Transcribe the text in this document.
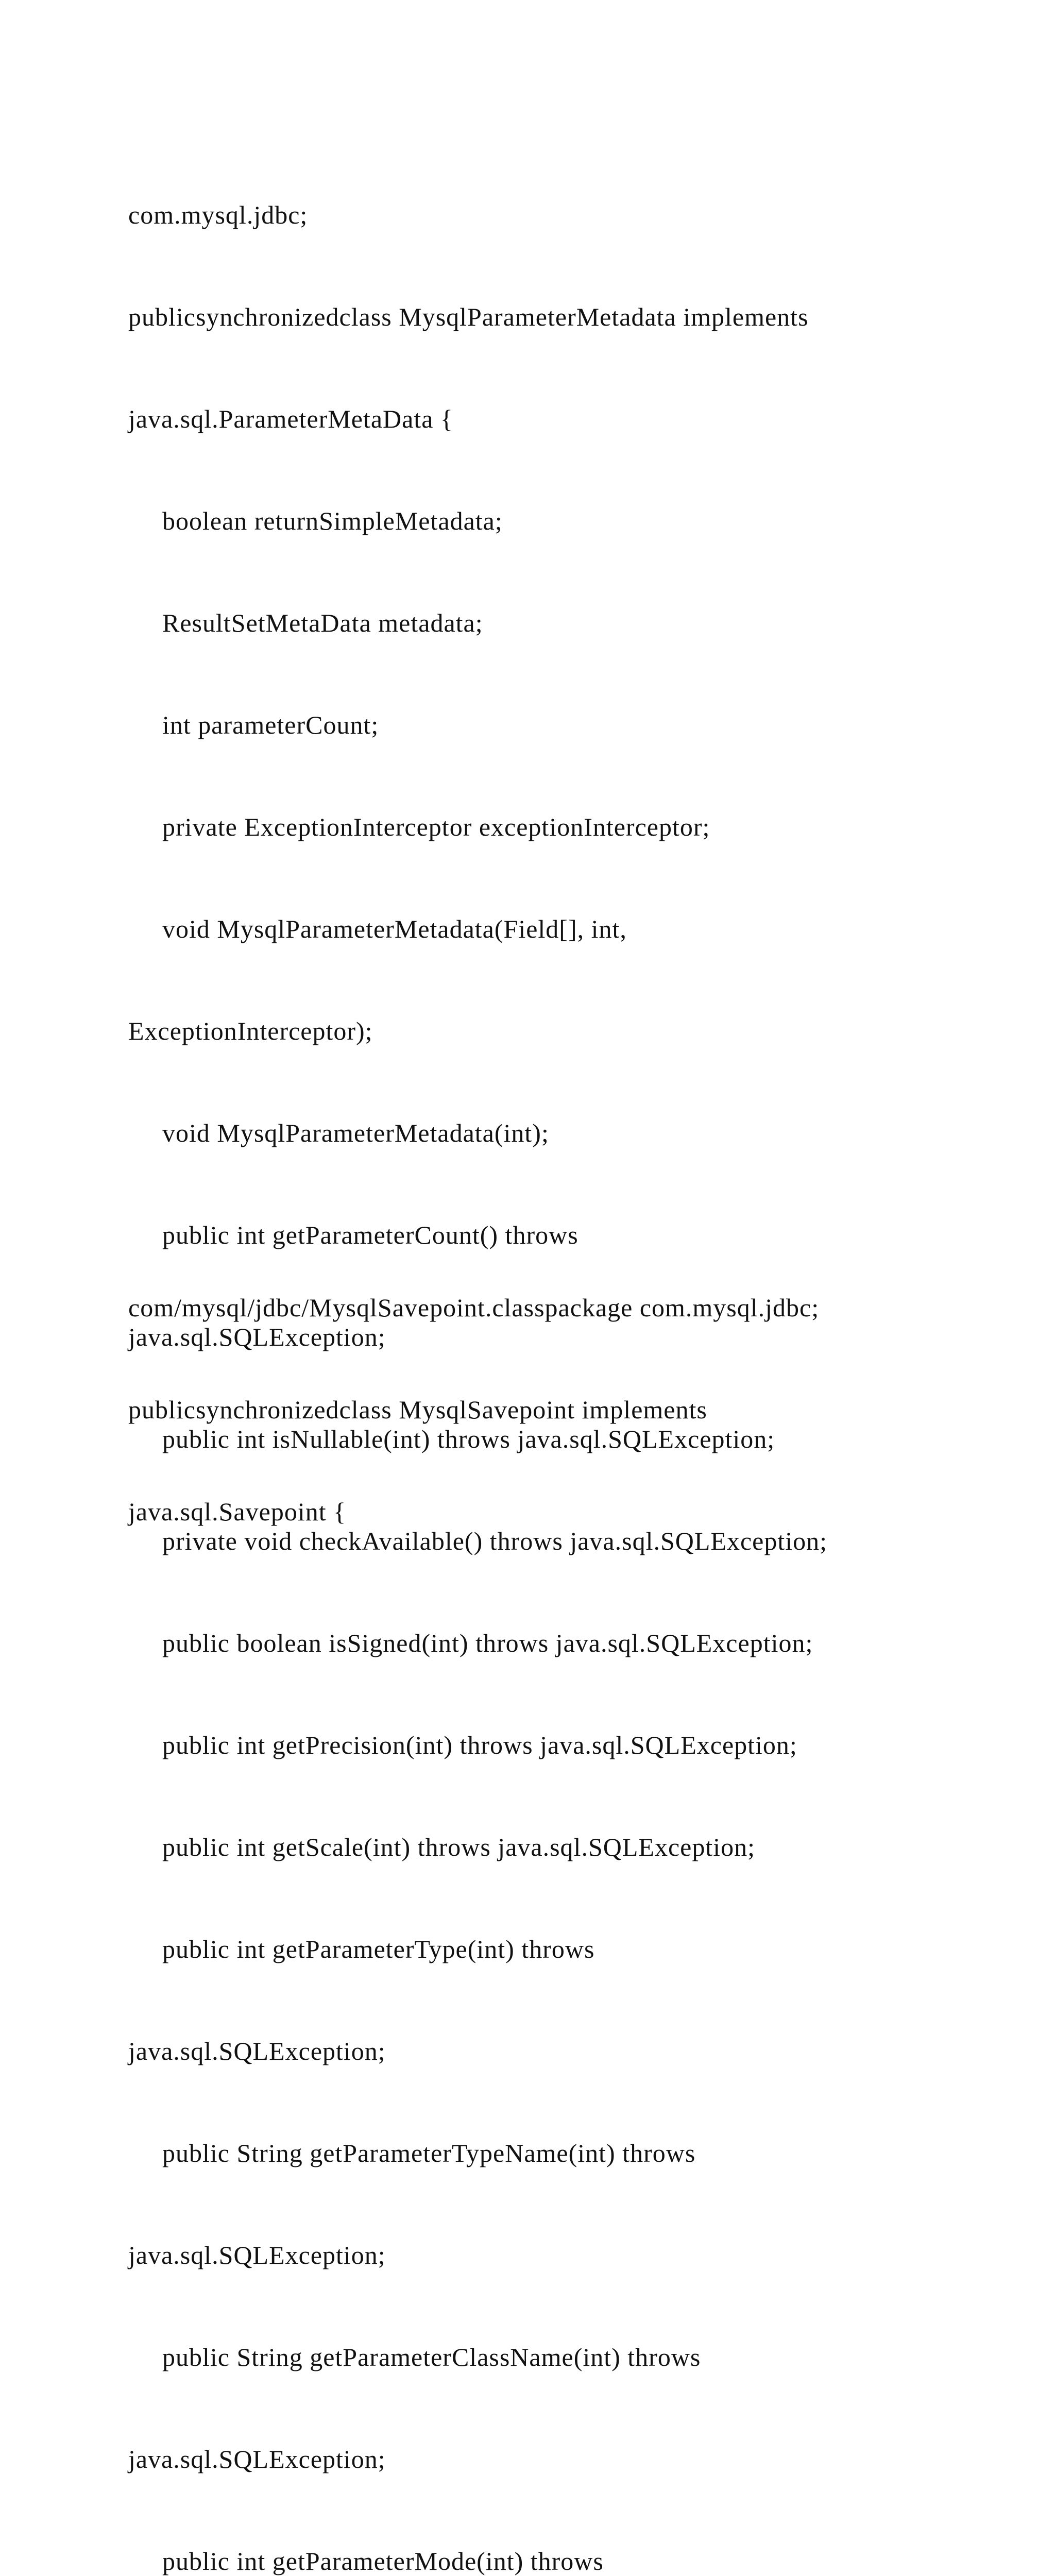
com.mysql.jdbc;

publicsynchronizedclass MysqlParameterMetadata implements

java.sql.ParameterMetaData {

boolean returnSimpleMetadata;

ResultSetMetaData metadata;

int parameterCount;

private ExceptionInterceptor exceptionInterceptor;

void MysqlParameterMetadata(Field[], int,

ExceptionInterceptor);

void MysqlParameterMetadata(int);

public int getParameterCount() throws

java.sql.SQLException;

public int isNullable(int) throws java.sql.SQLException;

private void checkAvailable() throws java.sql.SQLException;

public boolean isSigned(int) throws java.sql.SQLException;

public int getPrecision(int) throws java.sql.SQLException;

public int getScale(int) throws java.sql.SQLException;

public int getParameterType(int) throws

java.sql.SQLException;

public String getParameterTypeName(int) throws

java.sql.SQLException;

public String getParameterClassName(int) throws

java.sql.SQLException;

public int getParameterMode(int) throws

com/mysql/jdbc/MysqlSavepoint.classpackage com.mysql.jdbc;

publicsynchronizedclass MysqlSavepoint implements

java.sql.Savepoint {
